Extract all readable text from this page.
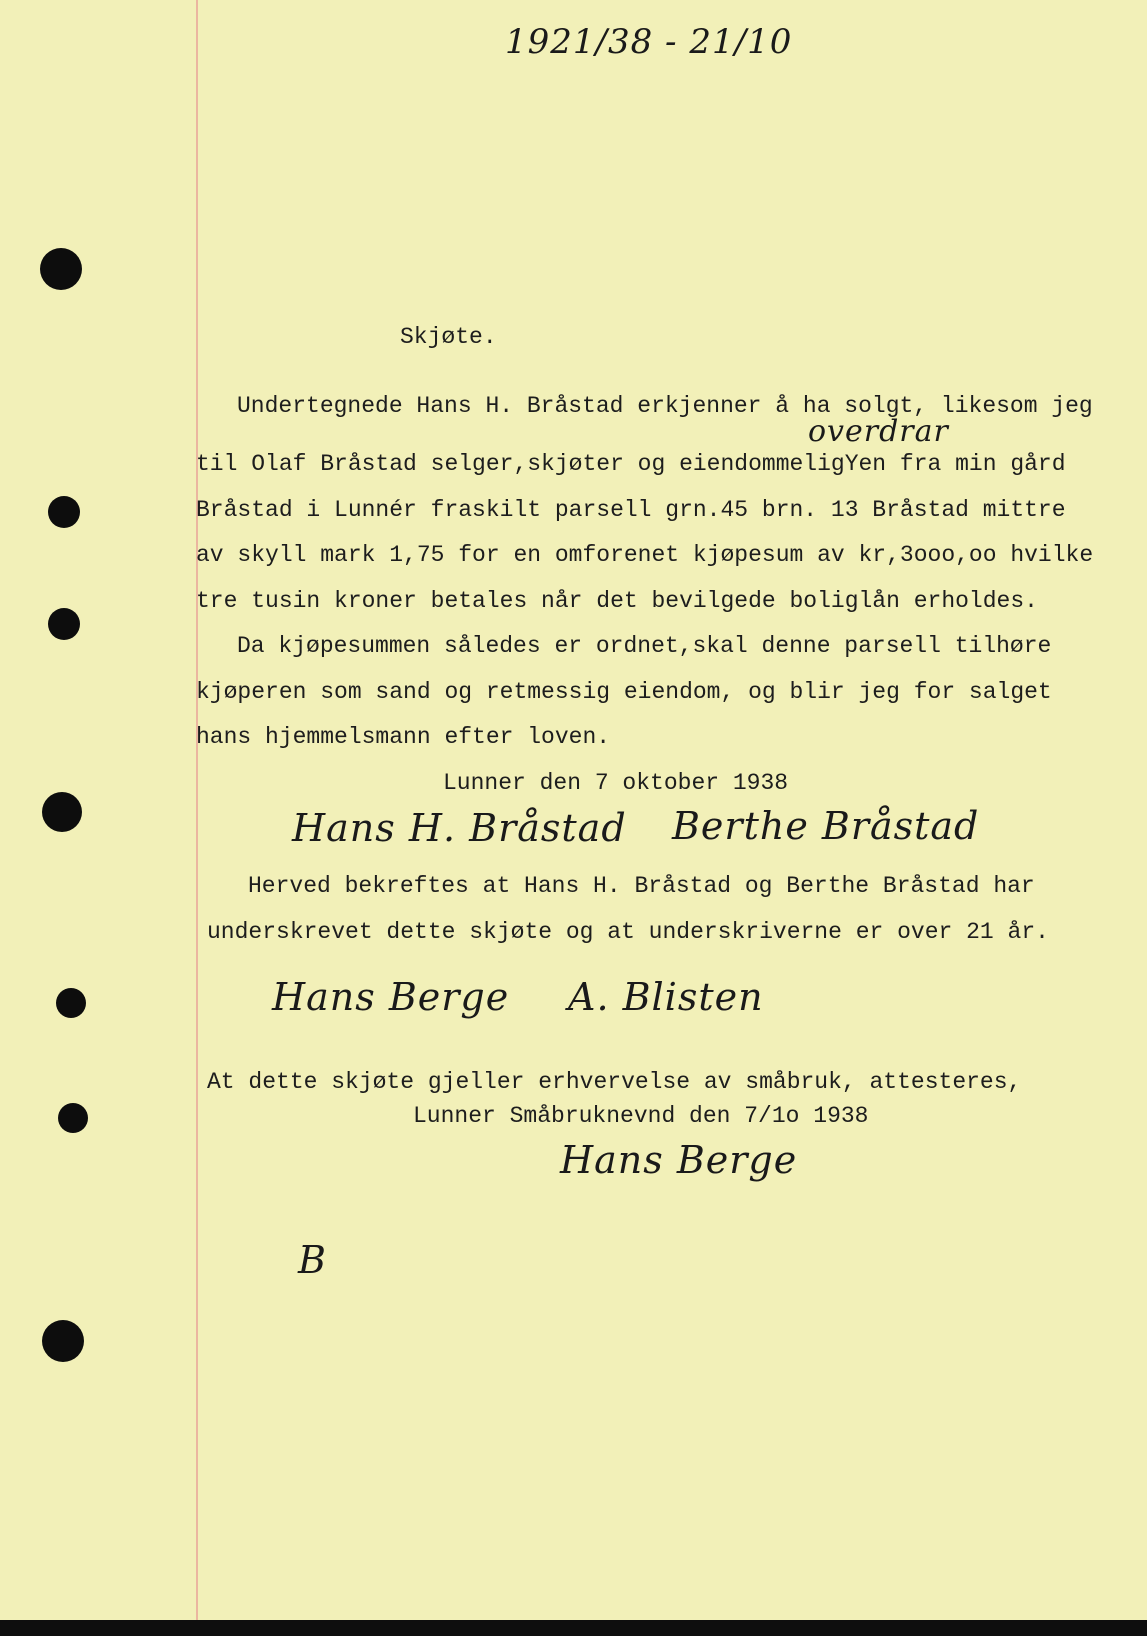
1921/38 - 21/10
Skjøte.
overdrar
Undertegnede Hans H. Bråstad erkjenner å ha solgt, likesom jeg
til Olaf Bråstad selger,skjøter og eiendommeligYen fra min gård
Bråstad i Lunnér fraskilt parsell grn.45 brn. 13 Bråstad mittre
av skyll mark 1,75 for en omforenet kjøpesum av kr,3ooo,oo hvilke
tre tusin kroner betales når det bevilgede boliglån erholdes.
Da kjøpesummen således er ordnet,skal denne parsell tilhøre
kjøperen som sand og retmessig eiendom, og blir jeg for salget
hans hjemmelsmann efter loven.
Lunner den 7 oktober 1938
Hans H. Bråstad Berthe Bråstad
Herved bekreftes at Hans H. Bråstad og Berthe Bråstad har
underskrevet dette skjøte og at underskriverne er over 21 år.
Hans Berge A. Blisten
At dette skjøte gjeller erhvervelse av småbruk, attesteres,
Lunner Småbruknevnd den 7/1o 1938
Hans Berge
B
